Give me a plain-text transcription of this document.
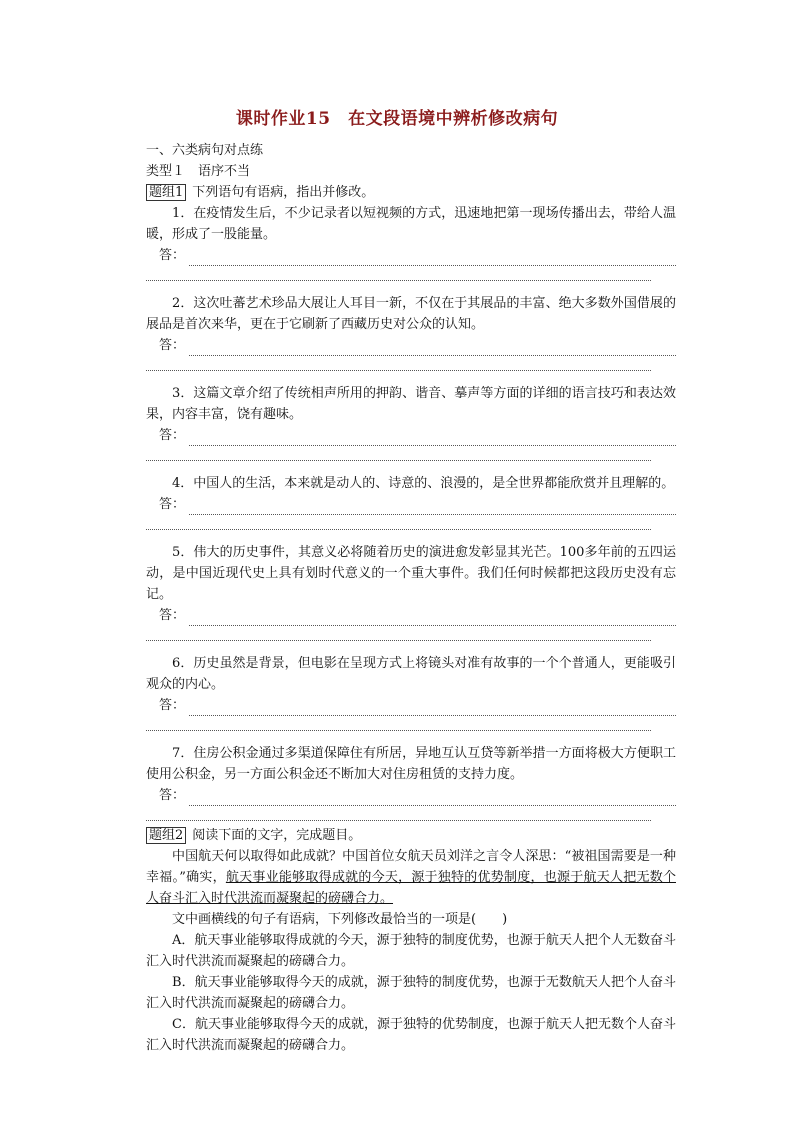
课时作业15　在文段语境中辨析修改病句
一、六类病句对点练
类型１　语序不当
题组1 下列语句有语病，指出并修改。
1．在疫情发生后，不少记录者以短视频的方式，迅速地把第一现场传播出去，带给人温暖，形成了一股能量。
答：
2．这次吐蕃艺术珍品大展让人耳目一新，不仅在于其展品的丰富、绝大多数外国借展的展品是首次来华，更在于它刷新了西藏历史对公众的认知。
答：
3．这篇文章介绍了传统相声所用的押韵、谐音、摹声等方面的详细的语言技巧和表达效果，内容丰富，饶有趣味。
答：
4．中国人的生活，本来就是动人的、诗意的、浪漫的，是全世界都能欣赏并且理解的。
答：
5．伟大的历史事件，其意义必将随着历史的演进愈发彰显其光芒。100多年前的五四运动，是中国近现代史上具有划时代意义的一个重大事件。我们任何时候都把这段历史没有忘记。
答：
6．历史虽然是背景，但电影在呈现方式上将镜头对准有故事的一个个普通人，更能吸引观众的内心。
答：
7．住房公积金通过多渠道保障住有所居，异地互认互贷等新举措一方面将极大方便职工使用公积金，另一方面公积金还不断加大对住房租赁的支持力度。
答：
题组2 阅读下面的文字，完成题目。
中国航天何以取得如此成就？中国首位女航天员刘洋之言令人深思：“被祖国需要是一种幸福。”确实，航天事业能够取得成就的今天，源于独特的优势制度，也源于航天人把无数个人奋斗汇入时代洪流而凝聚起的磅礴合力。
文中画横线的句子有语病，下列修改最恰当的一项是(　　)
A．航天事业能够取得成就的今天，源于独特的制度优势，也源于航天人把个人无数奋斗汇入时代洪流而凝聚起的磅礴合力。
B．航天事业能够取得今天的成就，源于独特的制度优势，也源于无数航天人把个人奋斗汇入时代洪流而凝聚起的磅礴合力。
C．航天事业能够取得今天的成就，源于独特的优势制度，也源于航天人把无数个人奋斗汇入时代洪流而凝聚起的磅礴合力。
